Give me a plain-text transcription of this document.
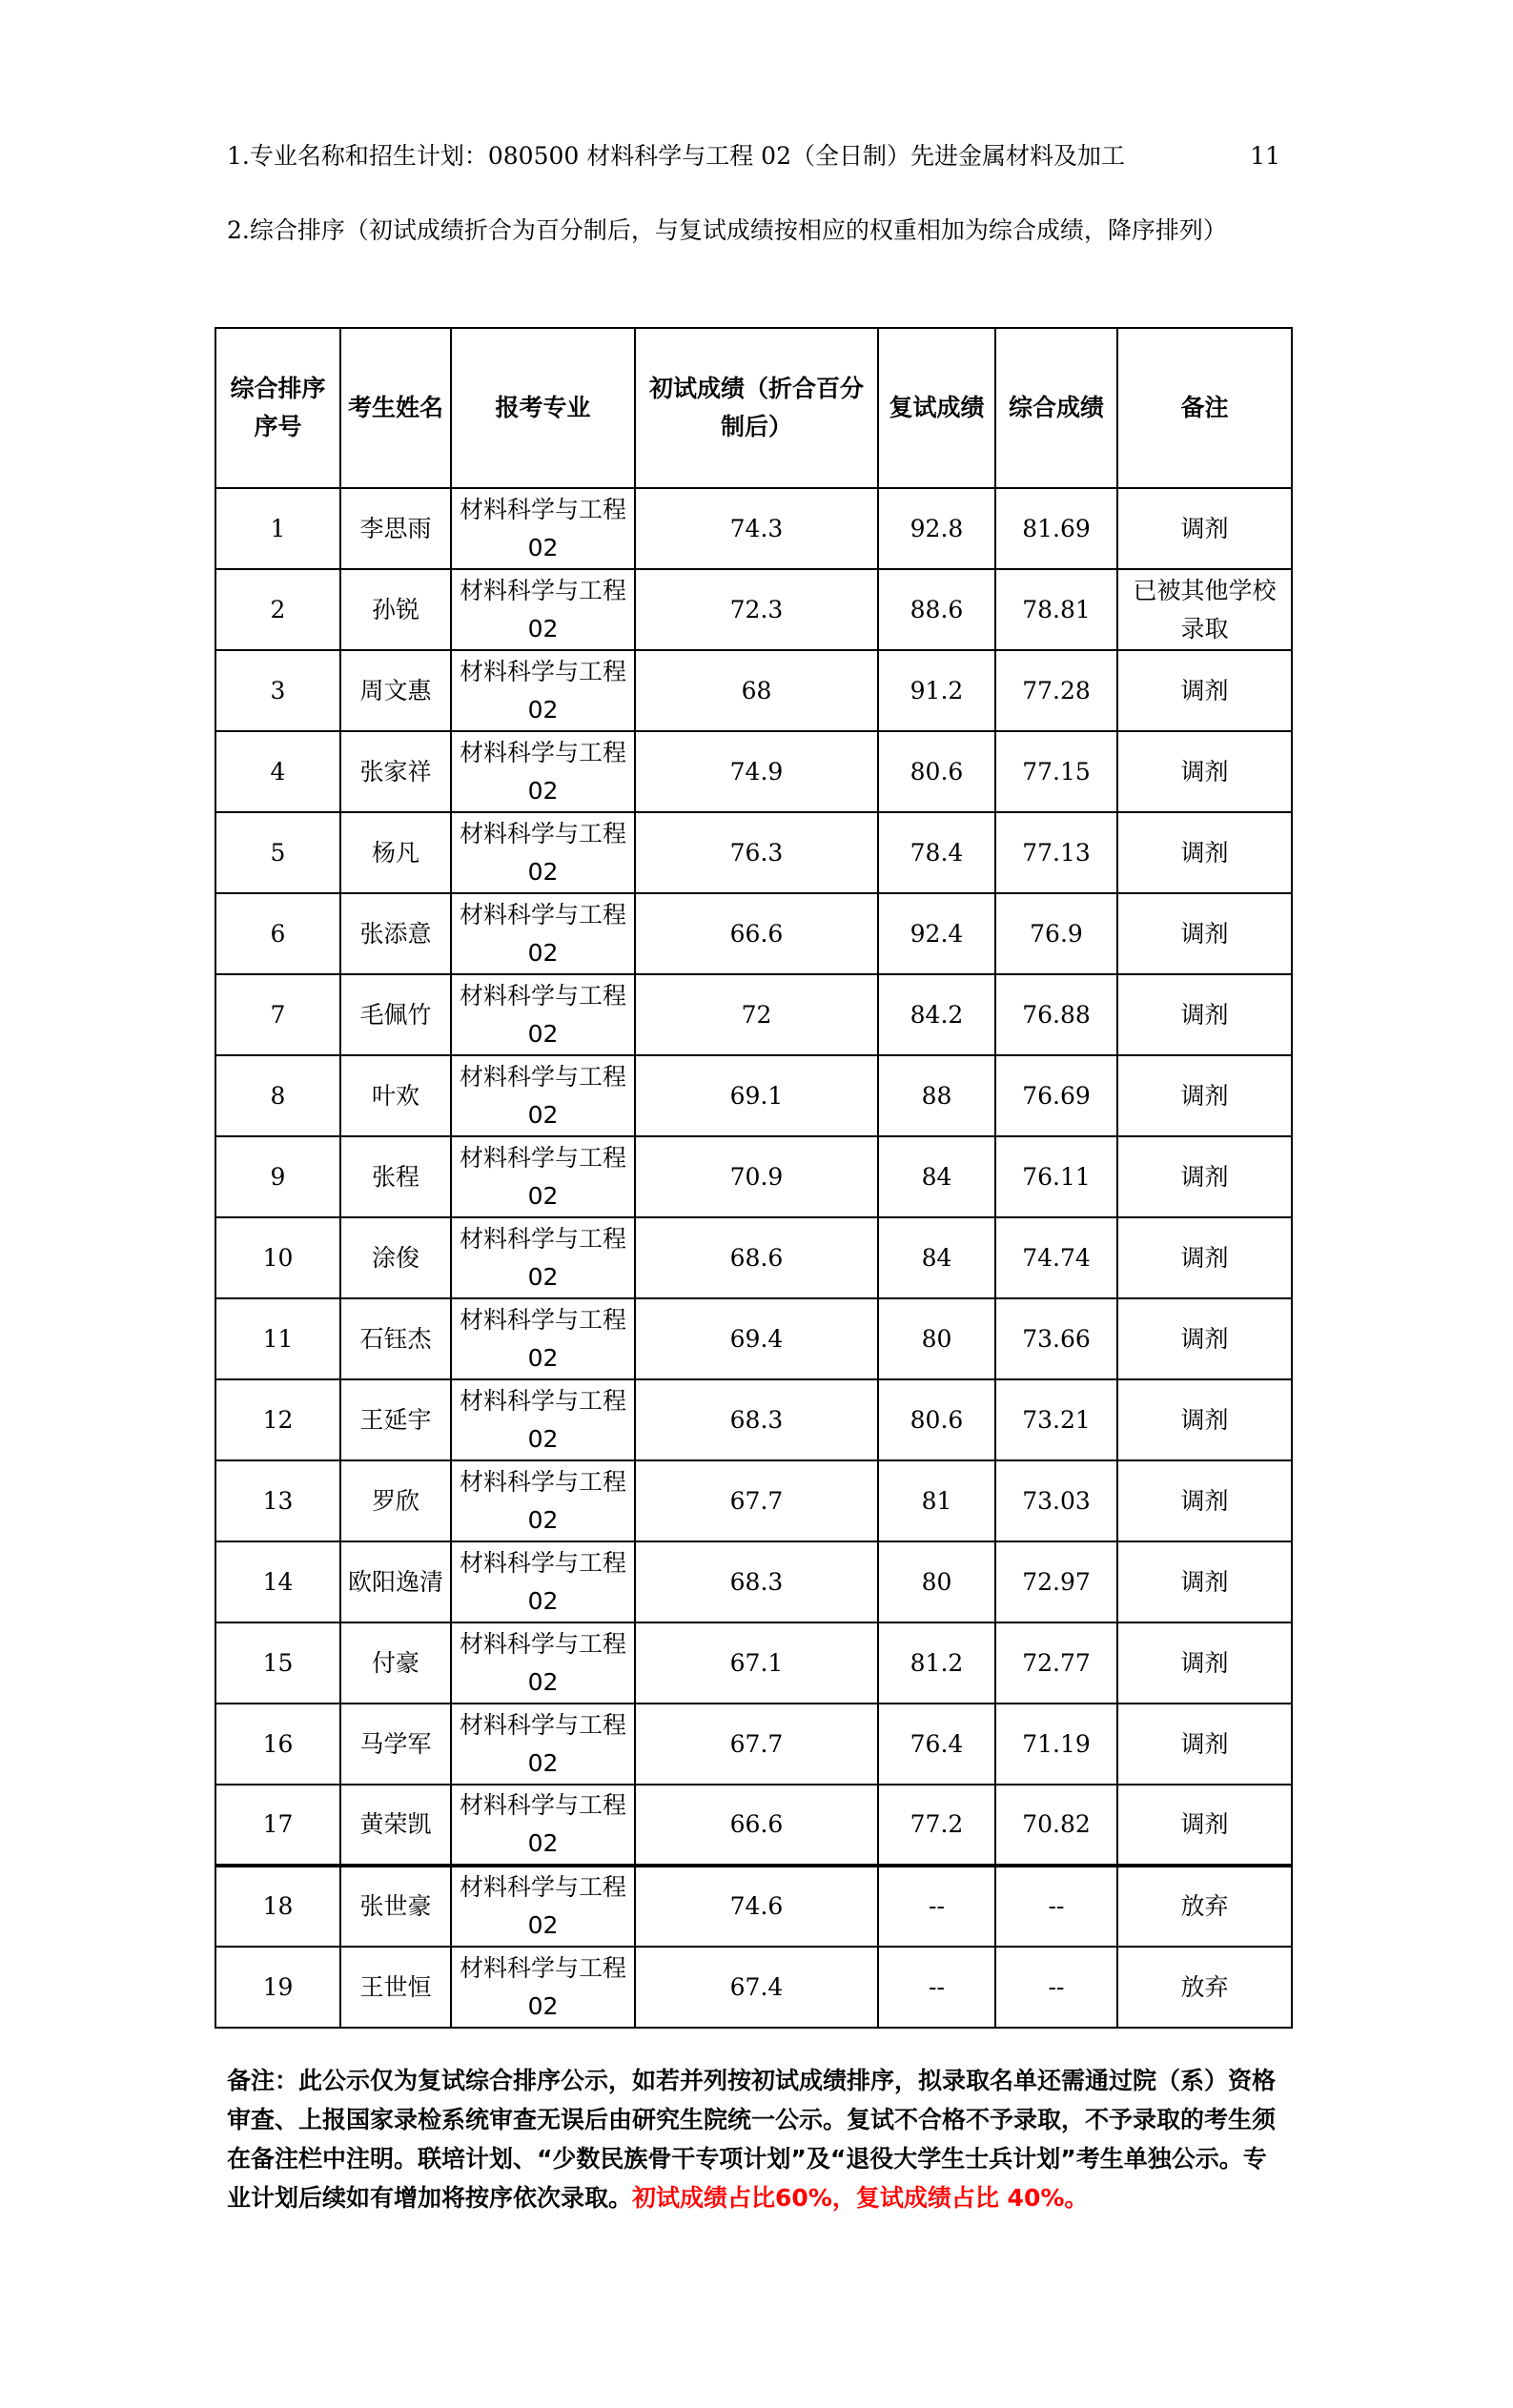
1.专业名称和招生计划：080500 材料科学与工程 02（全日制）先进金属材料及加工	11
2.综合排序（初试成绩折合为百分制后，与复试成绩按相应的权重相加为综合成绩，降序排列）
综合排序序号	考生姓名	报考专业	初试成绩（折合百分制后）	复试成绩	综合成绩	备注
1	李思雨	材料科学与工程 02	74.3	92.8	81.69	调剂
2	孙锐	材料科学与工程 02	72.3	88.6	78.81	已被其他学校录取
3	周文惠	材料科学与工程 02	68	91.2	77.28	调剂
4	张家祥	材料科学与工程 02	74.9	80.6	77.15	调剂
5	杨凡	材料科学与工程 02	76.3	78.4	77.13	调剂
6	张添意	材料科学与工程 02	66.6	92.4	76.9	调剂
7	毛佩竹	材料科学与工程 02	72	84.2	76.88	调剂
8	叶欢	材料科学与工程 02	69.1	88	76.69	调剂
9	张程	材料科学与工程 02	70.9	84	76.11	调剂
10	涂俊	材料科学与工程 02	68.6	84	74.74	调剂
11	石钰杰	材料科学与工程 02	69.4	80	73.66	调剂
12	王延宇	材料科学与工程 02	68.3	80.6	73.21	调剂
13	罗欣	材料科学与工程 02	67.7	81	73.03	调剂
14	欧阳逸清	材料科学与工程 02	68.3	80	72.97	调剂
15	付豪	材料科学与工程 02	67.1	81.2	72.77	调剂
16	马学军	材料科学与工程 02	67.7	76.4	71.19	调剂
17	黄荣凯	材料科学与工程 02	66.6	77.2	70.82	调剂
18	张世豪	材料科学与工程 02	74.6	--	--	放弃
19	王世恒	材料科学与工程 02	67.4	--	--	放弃
备注：此公示仅为复试综合排序公示，如若并列按初试成绩排序，拟录取名单还需通过院（系）资格审查、上报国家录检系统审查无误后由研究生院统一公示。复试不合格不予录取，不予录取的考生须在备注栏中注明。联培计划、“少数民族骨干专项计划”及“退役大学生士兵计划”考生单独公示。专业计划后续如有增加将按序依次录取。初试成绩占比60%，复试成绩占比 40%。
